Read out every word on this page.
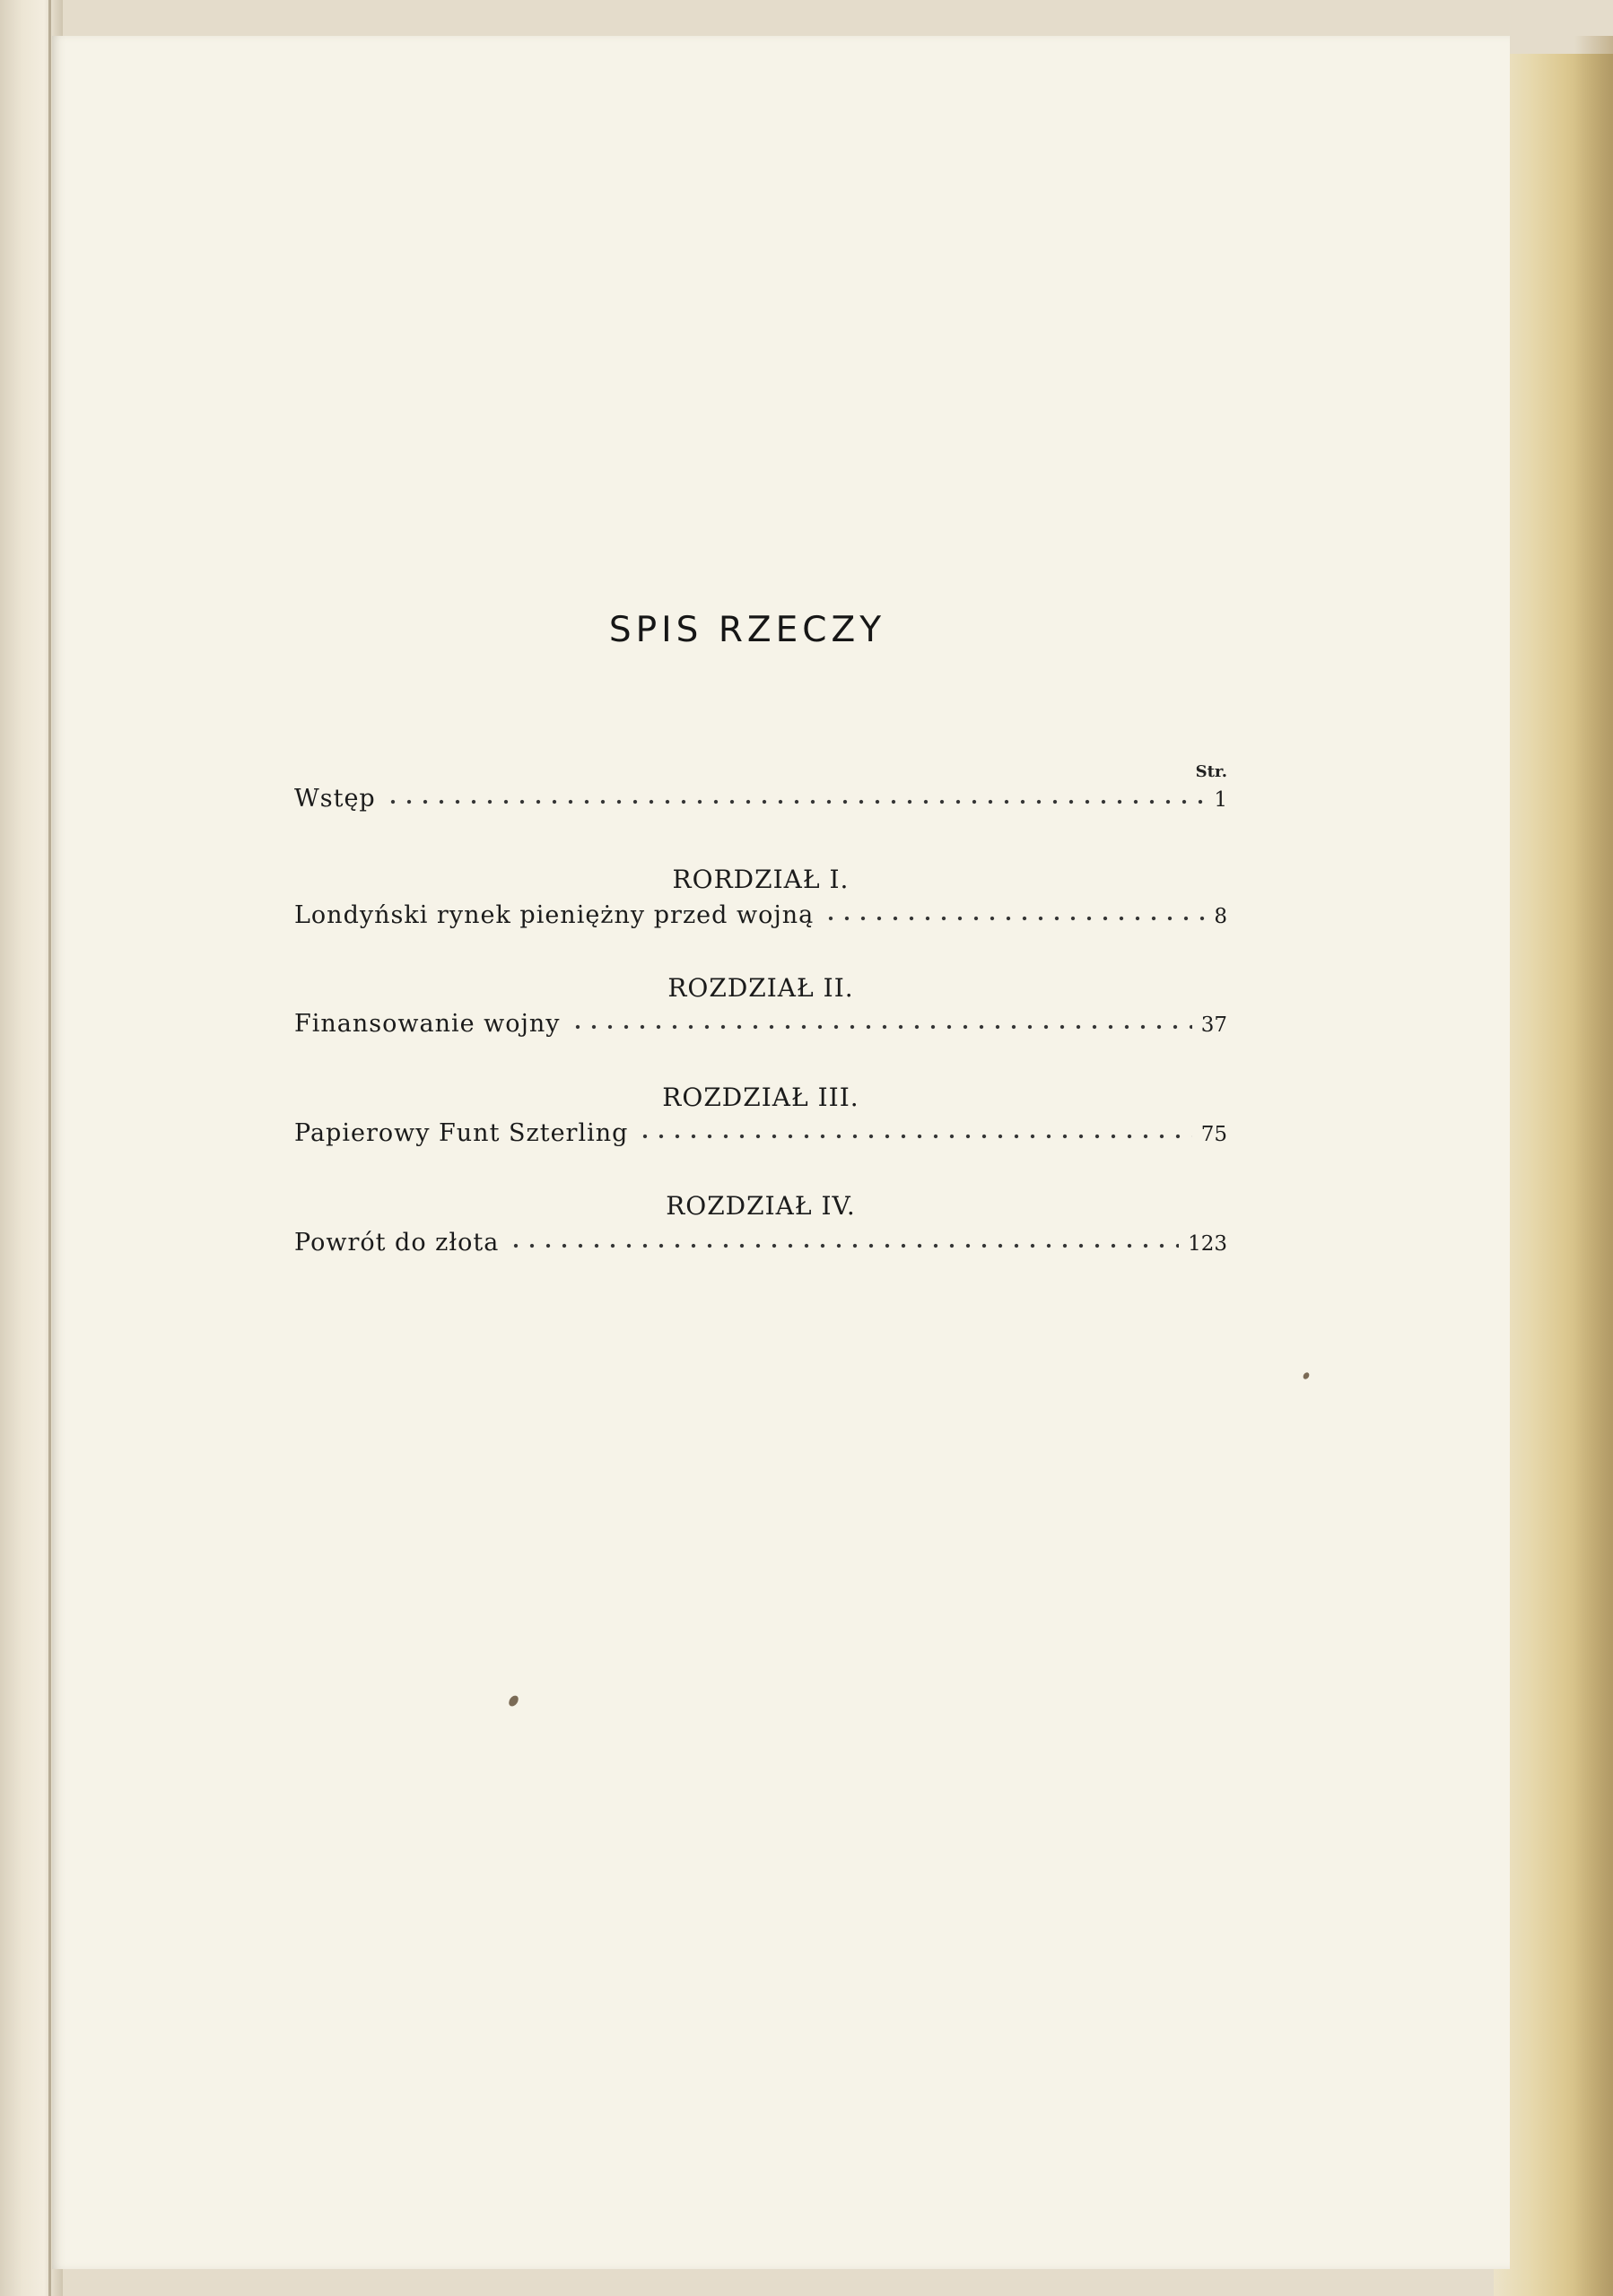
SPIS RZECZY
Str.
Wstęp	1
RORDZIAŁ I.
Londyński rynek pieniężny przed wojną	8
ROZDZIAŁ II.
Finansowanie wojny	37
ROZDZIAŁ III.
Papierowy Funt Szterling	75
ROZDZIAŁ IV.
Powrót do złota	123
